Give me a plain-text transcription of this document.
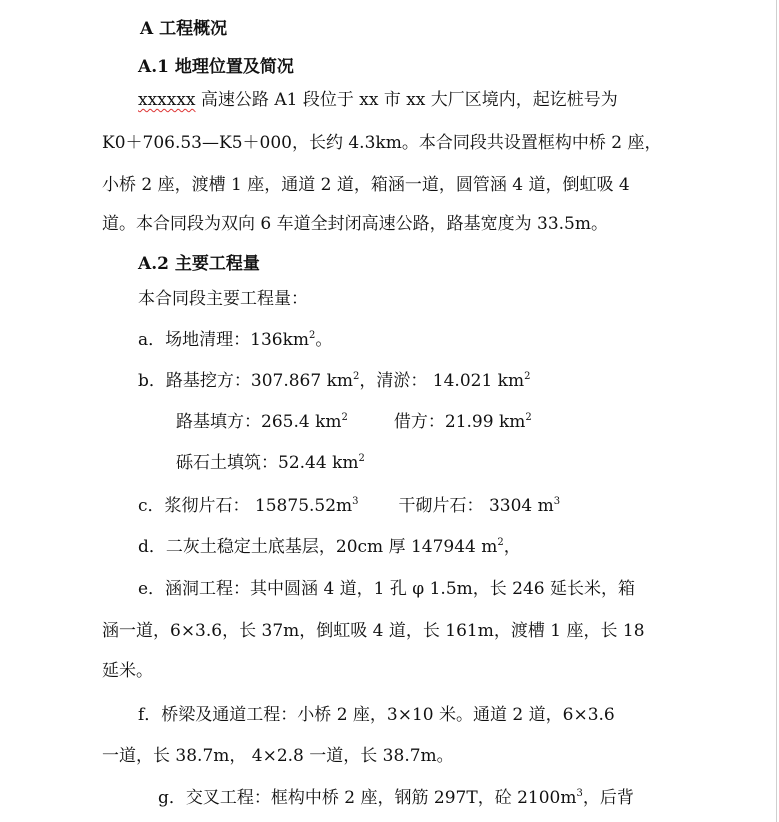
A 工程概况
A.1 地理位置及简况
xxxxxx 高速公路 A1 段位于 xx 市 xx 大厂区境内，起讫桩号为
K0＋706.53—K5＋000，长约 4.3km。本合同段共设置框构中桥 2 座，
小桥 2 座，渡槽 1 座，通道 2 道，箱涵一道，圆管涵 4 道，倒虹吸 4
道。本合同段为双向 6 车道全封闭高速公路，路基宽度为 33.5m。
A.2 主要工程量
本合同段主要工程量：
a．场地清理：$136km^2$。
b．路基挖方：307.867 $km^2$，清淤： 14.021 $km^2$
路基填方：265.4 $km^2$	借方：21.99 $km^2$
砾石土填筑：52.44 $km^2$
c．浆彻片石： $15875.52m^3$ 干砌片石： 3304 $m^3$
d．二灰土稳定土底基层，20cm 厚 147944 $m^2$，
e．涵洞工程：其中圆涵 4 道，1 孔 φ 1.5m，长 246 延长米，箱
涵一道，6×3.6，长 37m，倒虹吸 4 道，长 161m，渡槽 1 座，长 18
延米。
f．桥梁及通道工程：小桥 2 座，3×10 米。通道 2 道，6×3.6
一道，长 38.7m， 4×2.8 一道，长 38.7m。
g．交叉工程：框构中桥 2 座，钢筋 297T，砼 $2100m^3$，后背
